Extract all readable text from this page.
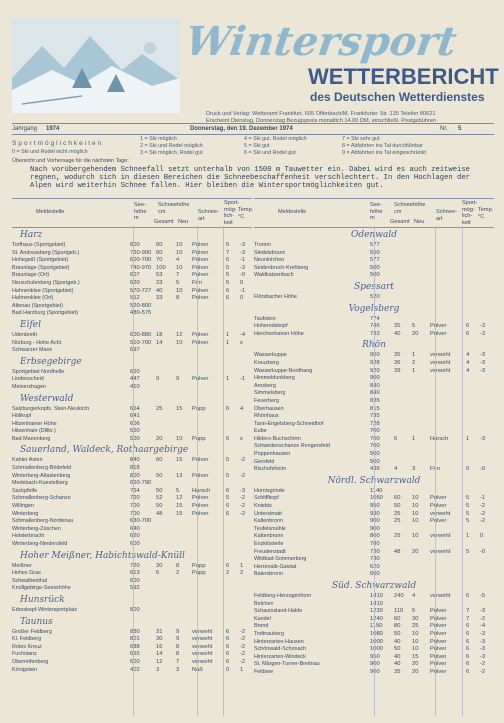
Wintersport
WETTERBERICHT
des Deutschen Wetterdienstes
Druck und Verlag: Wetteramt Frankfurt, 605 Offenbach/M, Frankfurter Str. 135 Telefon 80621
Erscheint Dienstag, Donnerstag Bezugspreis monatlich 14.00 DM, einschließl. Postgebühren
Jahrgang 1974	Donnerstag, den 19. Dezember 1974	Nr. 5
Sportmöglichkeiten
0 = Ski und Rodel nicht möglich
1 = Ski möglich
2 = Ski und Rodel möglich
3 = Ski möglich, Rodel gut
4 = Ski gut, Rodel möglich
5 = Ski gut
6 = Ski und Rodel gut
7 = Ski sehr gut
8 = Abfahrten ins Tal durchführbar
9 = Abfahrten ins Tal eingeschränkt
Übersicht und Vorhersage für die nächsten Tage:
Nach vorübergehendem Schneefall setzt unterhalb von 1500 m Tauwetter ein. Dabei wird es auch zeitweise regnen, wodurch sich in diesen Bereichen die Schneebeschaffenheit verschlechtert. In den Hochlagen der Alpen wird weiterhin Schnee fallen. Hier bleiben die Wintersportmöglichkeiten gut.
Meldestelle
See-höhe m
Schneehöhe cm
Gesamt Neu
Schnee-art
Sport-mög-lich-keit
Temp. °C
Harz
Torfhaus (Sportgebiet)	800	60 10 Pulver	5 -3
St. Andreasberg (Sportgeb.)	720-900 60 10 Pulver	7 -3
Hohegeiß (Sportgebiet)	600-700 70 4 Pulver	6 -1
Braunlage (Sportgebiet)	740-970 100 10 Pulver	5 -3
Braunlage (Ort)	607	53 7 Pulver	5 -0
Neuschulenberg (Sportgeb.)	620	23 5 Firn	5 0
Hahnenklee (Sportgebiet)	570-727 40 10 Pulver	6 -1
Hahnenklee (Ort)	552	33 8 Pulver	6 0
Altenau (Sportgebiet)	520-800
Bad Harzburg (Sportgebiet)	480-575
Eifel
Udenbreth	600-880 18 12 Pulver	1 -4
Nürburg - Hohe Acht	510-700 14 10 Pulver	1 x
Schwarzer Mann	697
Erbsegebirge
Sportgebiet Nordhelle	660
Lindenscheid	447	9	9 Pulver	1 -1
Meinerzhagen	410
Westerwald
Salzburgerkopfs. Stein-Neukirch	654	25 15 Papp	6 4
Höllkopf	641
Hitzenhainer Höhe	606
Hitzenhain (Dillkr.)	560
Bad Marienberg	500	20 10 Papp	6 x
Sauerland, Waldeck, Rothaargebirge
Kahler Asten	840	60 15 Pulver	5 -2
Schmallenberg-Bödefeld	818
Winterberg-Altastenberg	800	50 13 Pulver	5 -2
Medebach-Kuestelberg	660-790
Sackpfeife	764	50 5 Harsch	6 -3
Schmallenberg-Schanze	720	52 12 Pulver	5 -2
Willingen	700	50 15 Pulver	6 -2
Winterberg	700	48 15 Pulver	6 -2
Schmallenberg-Nordenau	630-700
Winterberg-Züschen	640
Holsterbracht	620
Winterberg-Niedersfeld	600
Hoher Meißner, Habichtswald-Knüll
Meißner	720	30 8 Papp	6 1
Hohes Gras	613	5	2 Papp	2 2
Schwalbenthal	600
Knüllgebirge-Seesshöhe	592
Hunsrück
Erbeskopf-Wintersportplatz	800
Taunus
Großer Feldberg	880	31 9 verweht 6 -2
Kl. Feldberg	801	30 9 verweht 6 -2
Rotes Kreuz	688	16 8 verweht 6 -2
Fuchstanz	655	14 8 verweht 6 -2
Oberreifenberg	600	12 7 verweht 6 -2
Königstein	402	3	3 Naß	0 1
Meldestelle
See-höhe m
Schneehöhe cm
Gesamt Neu
Schnee-art
Sport-mög-lich-keit
Temp. °C
Odenwald
Tromm	577
Siedelsbrunn	550
Neunkirchen	577
Seidenbruch-Krehberg	500
Waldkatzenbach	500
Spessart
Flörsbacher Höhe	520
Vogelsberg
Taufstein	774
Hoherodskopf	746 35 5	Pulver	6 -3
Herchenhainer Höhe	733 40 20 Pulver	6 -3
Rhön
Wasserkuppe	950 35 1	verweht	4 -3
Kreuzberg	928 36 2	verweht	4 -3
Wasserkuppe-Nordhang	920 39 1	verweht	4 -3
Himmeldunkberg	900
Arnsberg	840
Simmelsberg	840
Feuerberg	835
Oberhausen	815
Rhönhaus	735
Tann-Engelsberg-Schneidhof	728
Eube	700
Hilders-Buchschirm	700 6	1	Harsch	1 -3
Schwedenschanze Rengersfeld	700
Poppenhausen	500
Gersfeld	500
Bischofsheim	435 4	3	Firn	0 -0
Nördl. Schwarzwald
Hornisgrinde	1140
Schliffkopf	1050 60 10 Pulver	5 -1
Kniebis	950 50 10 Pulver	5 -2
Unterstmatt	930 25 10 verweht	5 -2
Kaltenbronn	900 25 10 Pulver	5 -2
Teufelsmühle	900
Kattenbrunn	860 25 10 verweht	1 0
Enzklösterle	780
Freudenstadt	730 48 20 verweht	5 -0
Wildbad-Sommerberg	730
Herrenalb-Gaistal	620
Baiersbronn	600
Süd. Schwarzwald
Feldberg-Herzogenhorn	1410 240 4	verweht	6 -5
Belchen	1410
Schauinsland-Halde	1230 110 5	Pulver	7 -3
Kandel	1240 60 30 Pulver	7 -2
Brend	1150 80 25 Pulver	6 -4
Todtnauberg	1080 50 10 Pulver	6 -3
Hinterzarten-Hausen	1000 40 10 Pulver	6 -3
Schönwald-Schonach	1000 50 10 Pulver	6 -3
Hinterzarten-Windeck	950 40 15 Pulver	6 -3
St. Märgen-Turner-Breitnau	900 40 20 Pulver	6 -2
Feldsee	900 35 20 Pulver	6 -2
